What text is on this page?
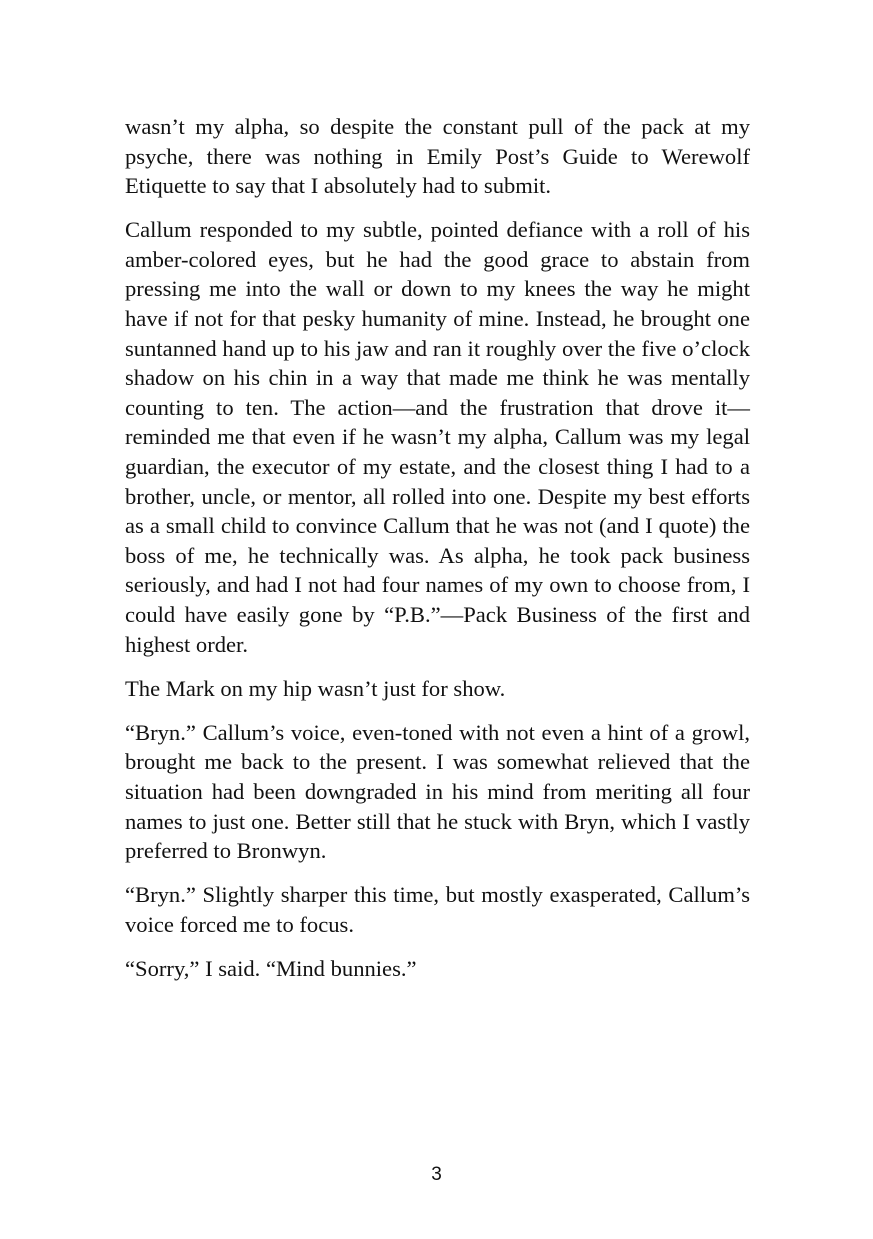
wasn’t my alpha, so despite the constant pull of the pack at my psyche, there was nothing in Emily Post’s Guide to Werewolf Etiquette to say that I absolutely had to submit.

Callum responded to my subtle, pointed defiance with a roll of his amber-colored eyes, but he had the good grace to abstain from pressing me into the wall or down to my knees the way he might have if not for that pesky humanity of mine. Instead, he brought one suntanned hand up to his jaw and ran it roughly over the five o’clock shadow on his chin in a way that made me think he was mentally counting to ten. The action—and the frustration that drove it—reminded me that even if he wasn’t my alpha, Callum was my legal guardian, the executor of my estate, and the closest thing I had to a brother, uncle, or mentor, all rolled into one. Despite my best efforts as a small child to convince Callum that he was not (and I quote) the boss of me, he technically was. As alpha, he took pack business seriously, and had I not had four names of my own to choose from, I could have easily gone by “P.B.”—Pack Business of the first and highest order.

The Mark on my hip wasn’t just for show.

“Bryn.” Callum’s voice, even-toned with not even a hint of a growl, brought me back to the present. I was somewhat relieved that the situation had been downgraded in his mind from meriting all four names to just one. Better still that he stuck with Bryn, which I vastly preferred to Bronwyn.

“Bryn.” Slightly sharper this time, but mostly exasperated, Callum’s voice forced me to focus.

“Sorry,” I said. “Mind bunnies.”

3
